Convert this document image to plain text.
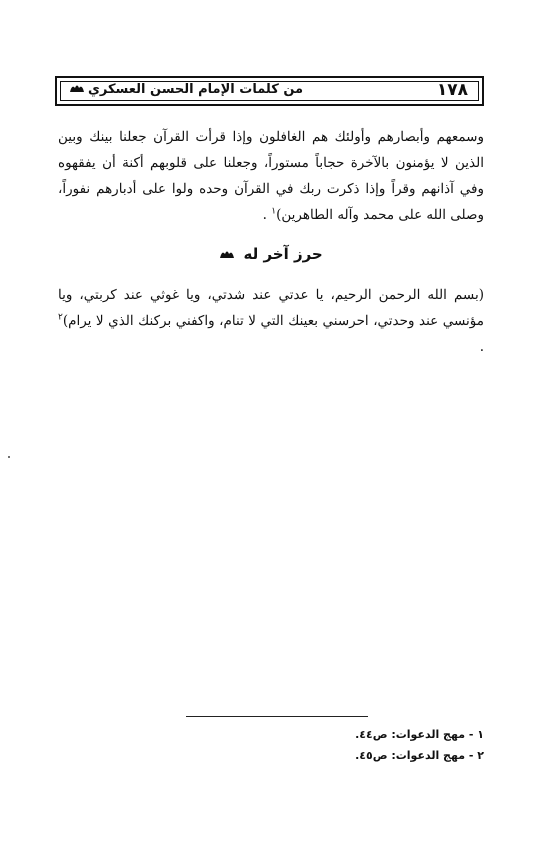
١٧٨
من كلمات الإمام الحسن العسكري
وسمعهم وأبصارهم وأولئك هم الغافلون وإذا قرأت القرآن جعلنا بينك وبين الذين لا يؤمنون بالآخرة حجاباً مستوراً، وجعلنا على قلوبهم أكنة أن يفقهوه وفي آذانهم وقراً وإذا ذكرت ربك في القرآن وحده ولوا على أدبارهم نفوراً، وصلى الله على محمد وآله الطاهرين)$^١$ .
حرز آخر له
(بسم الله الرحمن الرحيم، يا عدتي عند شدتي، ويا غوثي عند كربتي، ويا مؤنسي عند وحدتي، احرسني بعينك التي لا تنام، واكفني بركنك الذي لا يرام)$^٢$ .
١ - مهج الدعوات: ص٤٤.
٢ - مهج الدعوات: ص٤٥.
